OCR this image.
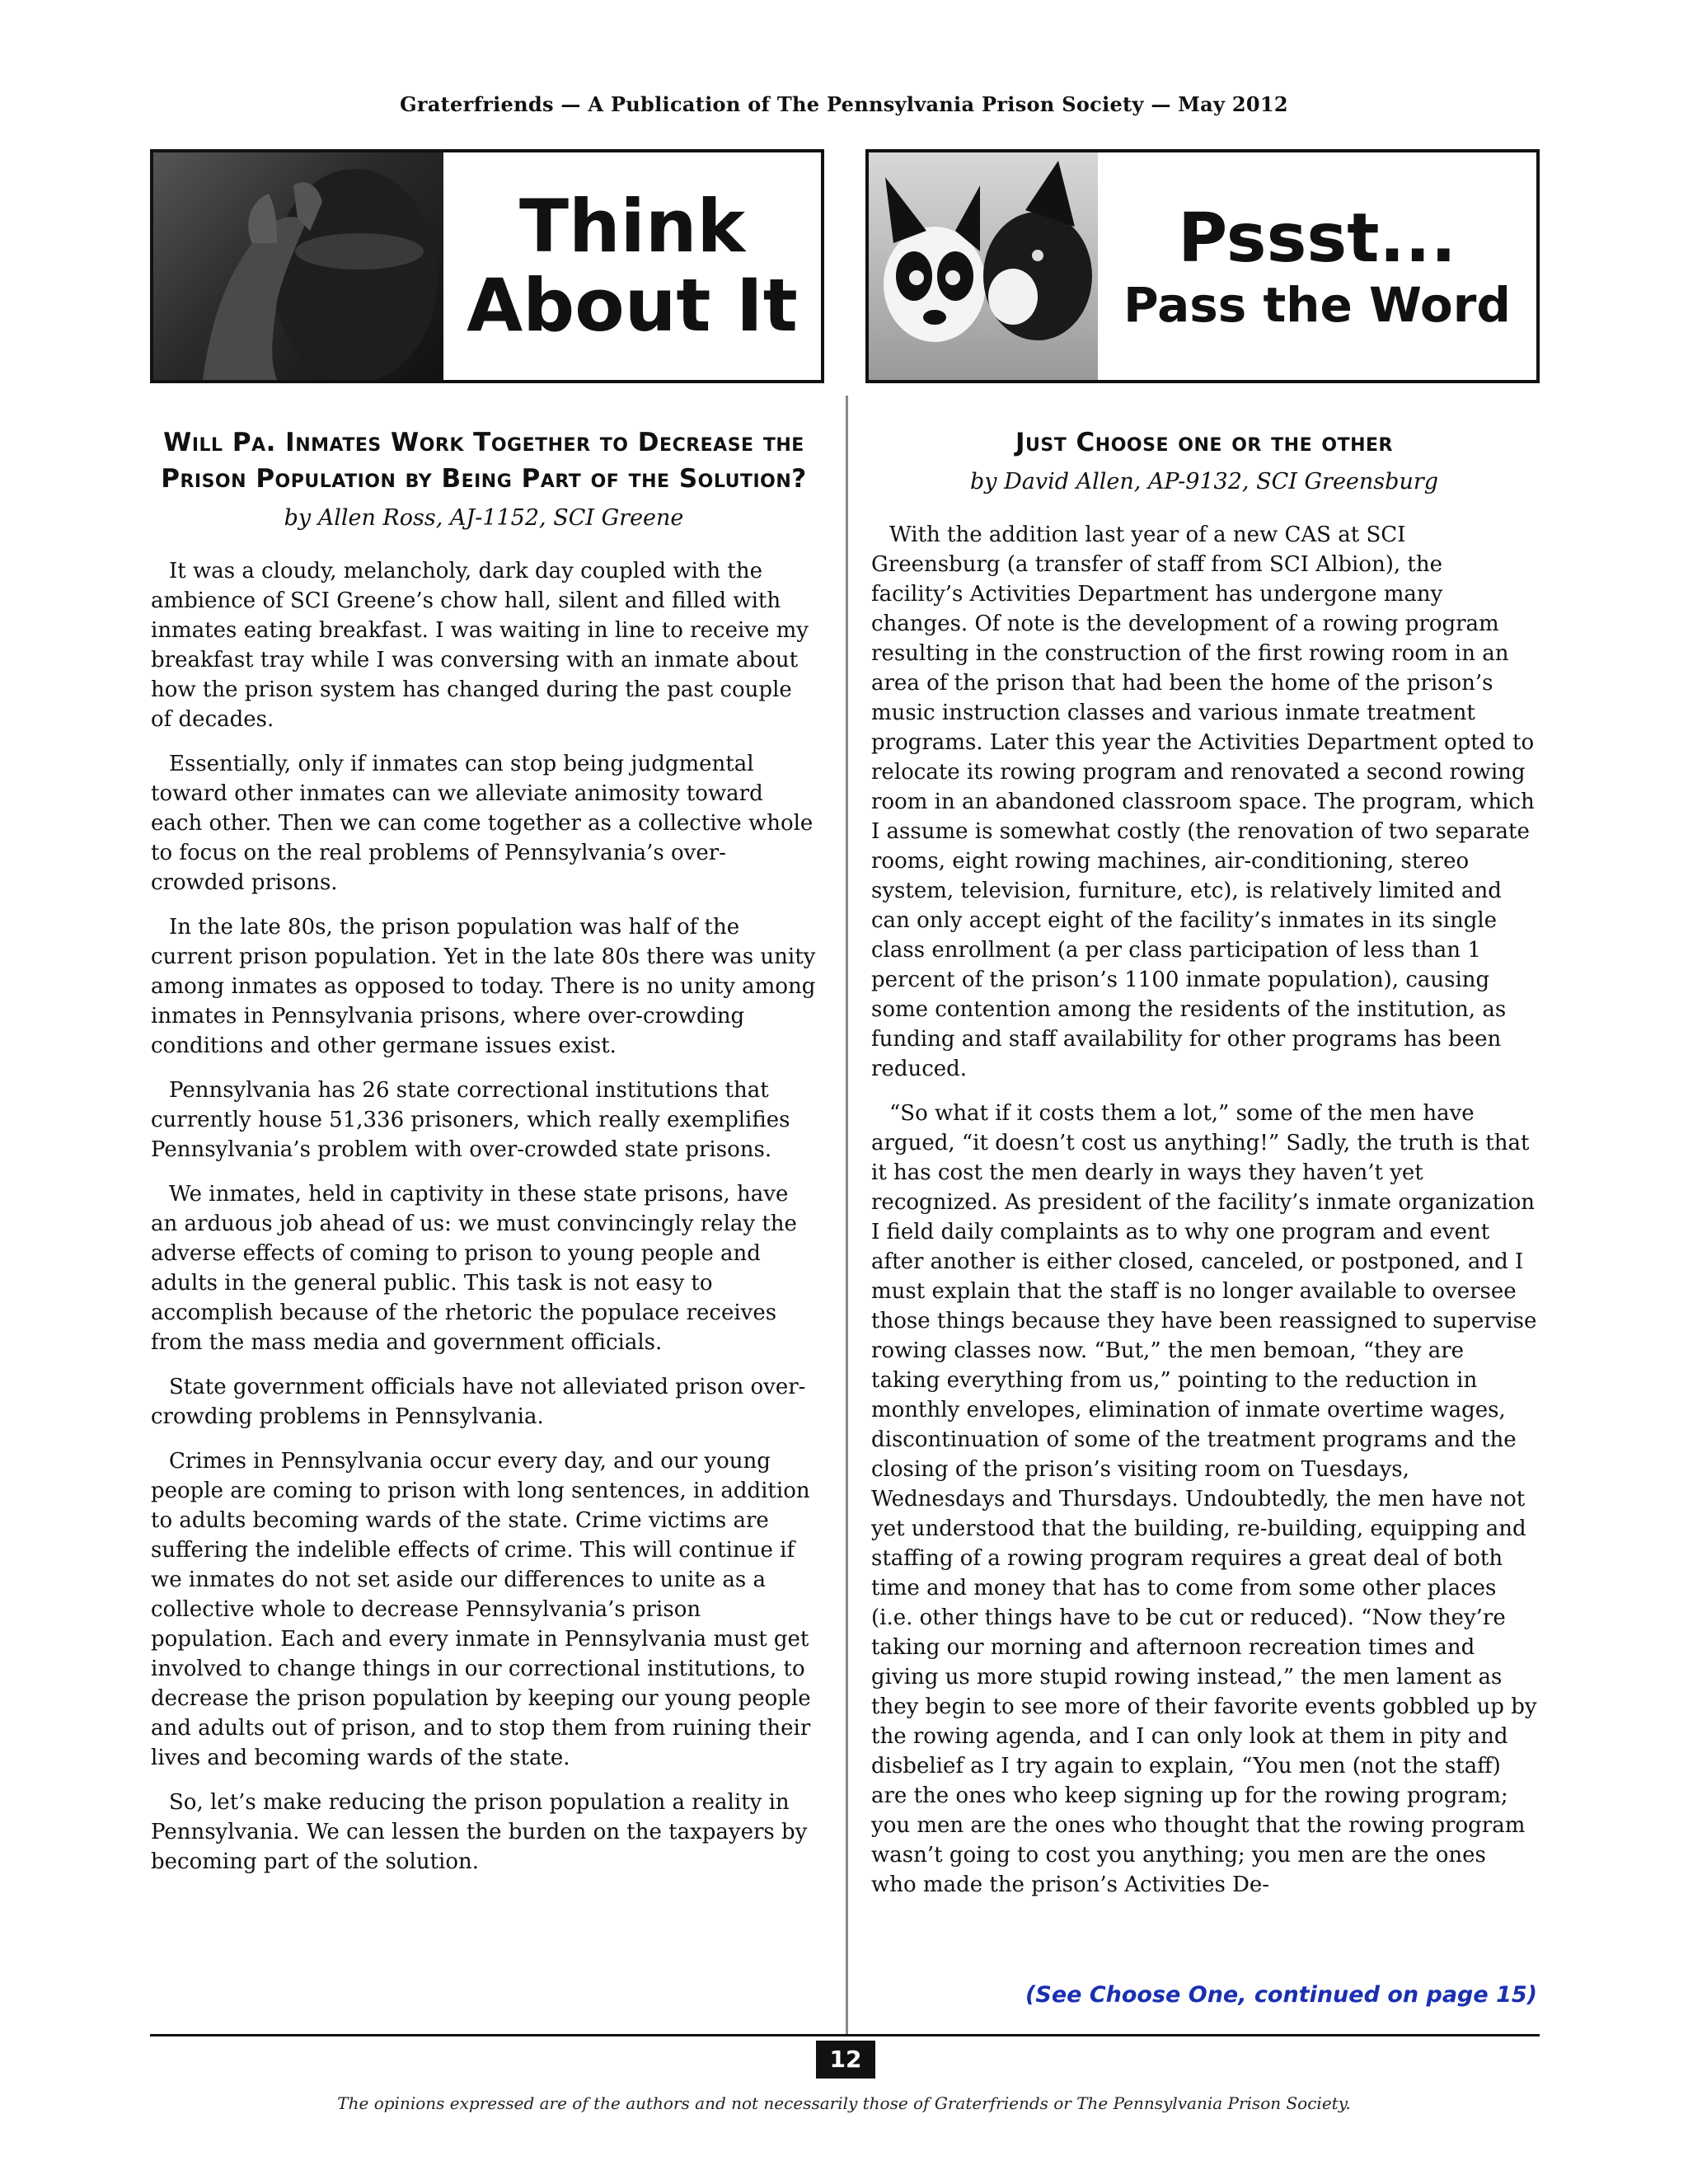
Graterfriends — A Publication of The Pennsylvania Prison Society — May 2012
Think
About It
Pssst...
Pass the Word
Will Pa. Inmates Work Together to Decrease the Prison Population by Being Part of the Solution?
by Allen Ross, AJ-1152, SCI Greene

It was a cloudy, melancholy, dark day coupled with the ambience of SCI Greene’s chow hall, silent and filled with inmates eating breakfast. I was waiting in line to receive my breakfast tray while I was conversing with an inmate about how the prison system has changed during the past couple of decades.

Essentially, only if inmates can stop being judgmental toward other inmates can we alleviate animosity toward each other. Then we can come together as a collective whole to focus on the real problems of Pennsylvania’s over-crowded prisons.

In the late 80s, the prison population was half of the current prison population. Yet in the late 80s there was unity among inmates as opposed to today. There is no unity among inmates in Pennsylvania prisons, where over-crowding conditions and other germane issues exist.

Pennsylvania has 26 state correctional institutions that currently house 51,336 prisoners, which really exemplifies Pennsylvania’s problem with over-crowded state prisons.

We inmates, held in captivity in these state prisons, have an arduous job ahead of us: we must convincingly relay the adverse effects of coming to prison to young people and adults in the general public. This task is not easy to accomplish because of the rhetoric the populace receives from the mass media and government officials.

State government officials have not alleviated prison over-crowding problems in Pennsylvania.

Crimes in Pennsylvania occur every day, and our young people are coming to prison with long sentences, in addition to adults becoming wards of the state. Crime victims are suffering the indelible effects of crime. This will continue if we inmates do not set aside our differences to unite as a collective whole to decrease Pennsylvania’s prison population. Each and every inmate in Pennsylvania must get involved to change things in our correctional institutions, to decrease the prison population by keeping our young people and adults out of prison, and to stop them from ruining their lives and becoming wards of the state.

So, let’s make reducing the prison population a reality in Pennsylvania. We can lessen the burden on the taxpayers by becoming part of the solution.

Just Choose one or the other
by David Allen, AP-9132, SCI Greensburg

With the addition last year of a new CAS at SCI Greensburg (a transfer of staff from SCI Albion), the facility’s Activities Department has undergone many changes. Of note is the development of a rowing program resulting in the construction of the first rowing room in an area of the prison that had been the home of the prison’s music instruction classes and various inmate treatment programs. Later this year the Activities Department opted to relocate its rowing program and renovated a second rowing room in an abandoned classroom space. The program, which I assume is somewhat costly (the renovation of two separate rooms, eight rowing machines, air-conditioning, stereo system, television, furniture, etc), is relatively limited and can only accept eight of the facility’s inmates in its single class enrollment (a per class participation of less than 1 percent of the prison’s 1100 inmate population), causing some contention among the residents of the institution, as funding and staff availability for other programs has been reduced.

“So what if it costs them a lot,” some of the men have argued, “it doesn’t cost us anything!” Sadly, the truth is that it has cost the men dearly in ways they haven’t yet recognized. As president of the facility’s inmate organization I field daily complaints as to why one program and event after another is either closed, canceled, or postponed, and I must explain that the staff is no longer available to oversee those things because they have been reassigned to supervise rowing classes now. “But,” the men bemoan, “they are taking everything from us,” pointing to the reduction in monthly envelopes, elimination of inmate overtime wages, discontinuation of some of the treatment programs and the closing of the prison’s visiting room on Tuesdays, Wednesdays and Thursdays. Undoubtedly, the men have not yet understood that the building, re-building, equipping and staffing of a rowing program requires a great deal of both time and money that has to come from some other places (i.e. other things have to be cut or reduced). “Now they’re taking our morning and afternoon recreation times and giving us more stupid rowing instead,” the men lament as they begin to see more of their favorite events gobbled up by the rowing agenda, and I can only look at them in pity and disbelief as I try again to explain, “You men (not the staff) are the ones who keep signing up for the rowing program; you men are the ones who thought that the rowing program wasn’t going to cost you anything; you men are the ones who made the prison’s Activities De-

(See Choose One, continued on page 15)
12
The opinions expressed are of the authors and not necessarily those of Graterfriends or The Pennsylvania Prison Society.
